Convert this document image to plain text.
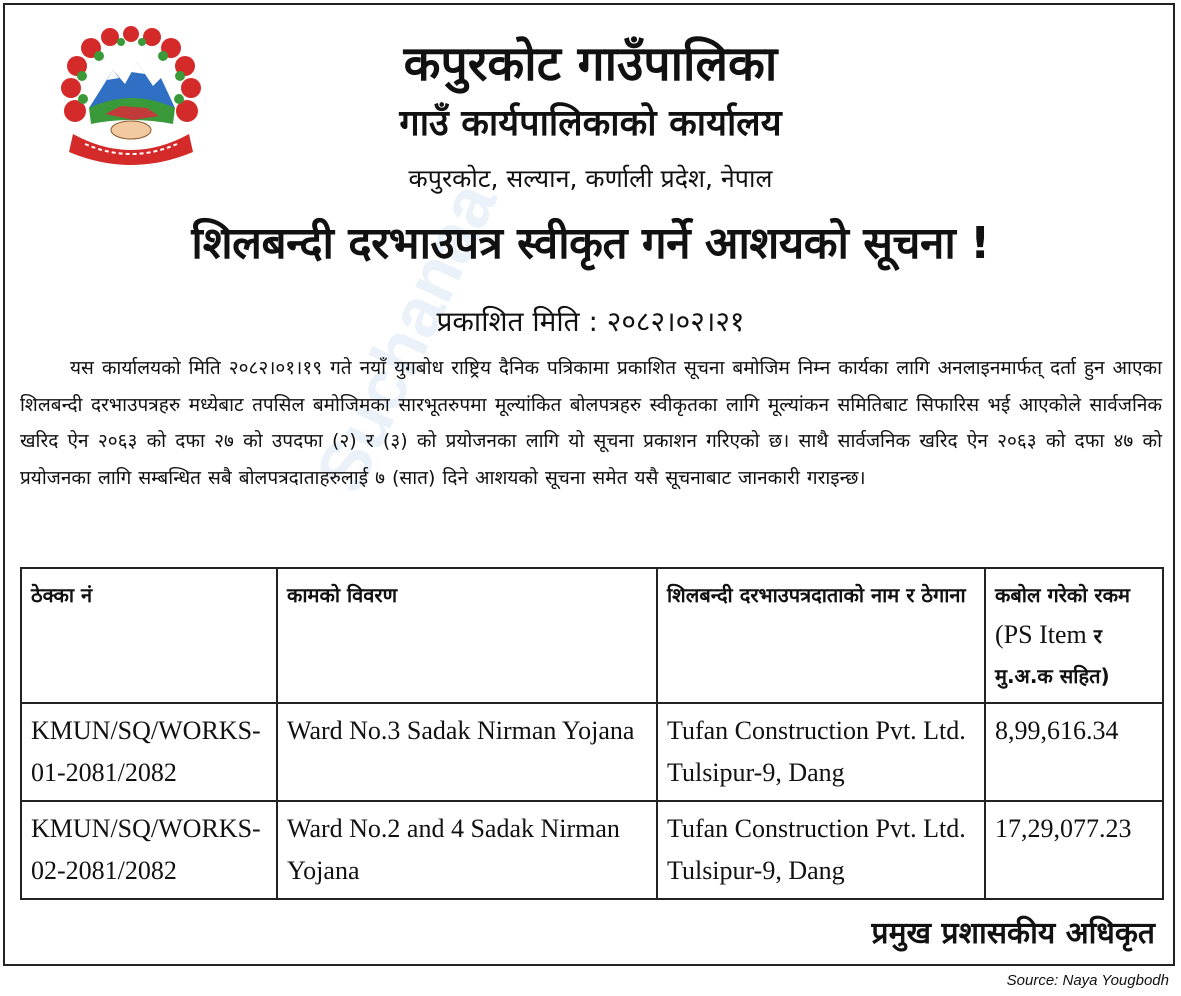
Suchanaa
कपुरकोट गाउँपालिका
गाउँ कार्यपालिकाको कार्यालय
कपुरकोट, सल्यान, कर्णाली प्रदेश, नेपाल
शिलबन्दी दरभाउपत्र स्वीकृत गर्ने आशयको सूचना !
प्रकाशित मिति : २०८२।०२।२१
यस कार्यालयको मिति २०८२।०१।१९ गते नयाँ युगबोध राष्ट्रिय दैनिक पत्रिकामा प्रकाशित सूचना बमोजिम निम्न कार्यका लागि अनलाइनमार्फत् दर्ता हुन आएका शिलबन्दी दरभाउपत्रहरु मध्येबाट तपसिल बमोजिमका सारभूतरुपमा मूल्यांकित बोलपत्रहरु स्वीकृतका लागि मूल्यांकन समितिबाट सिफारिस भई आएकोले सार्वजनिक खरिद ऐन २०६३ को दफा २७ को उपदफा (२) र (३) को प्रयोजनका लागि यो सूचना प्रकाशन गरिएको छ। साथै सार्वजनिक खरिद ऐन २०६३ को दफा ४७ को प्रयोजनका लागि सम्बन्धित सबै बोलपत्रदाताहरुलाई ७ (सात) दिने आशयको सूचना समेत यसै सूचनाबाट जानकारी गराइन्छ।
ठेक्का नं	कामको विवरण	शिलबन्दी दरभाउपत्रदाताको नाम र ठेगाना	कबोल गरेको रकम (PS Item र मु.अ.क सहित)
KMUN/SQ/WORKS-01-2081/2082	Ward No.3 Sadak Nirman Yojana	Tufan Construction Pvt. Ltd.
Tulsipur-9, Dang	8,99,616.34
KMUN/SQ/WORKS-02-2081/2082	Ward No.2 and 4 Sadak Nirman Yojana	Tufan Construction Pvt. Ltd.
Tulsipur-9, Dang	17,29,077.23
प्रमुख प्रशासकीय अधिकृत
Source: Naya Yougbodh
